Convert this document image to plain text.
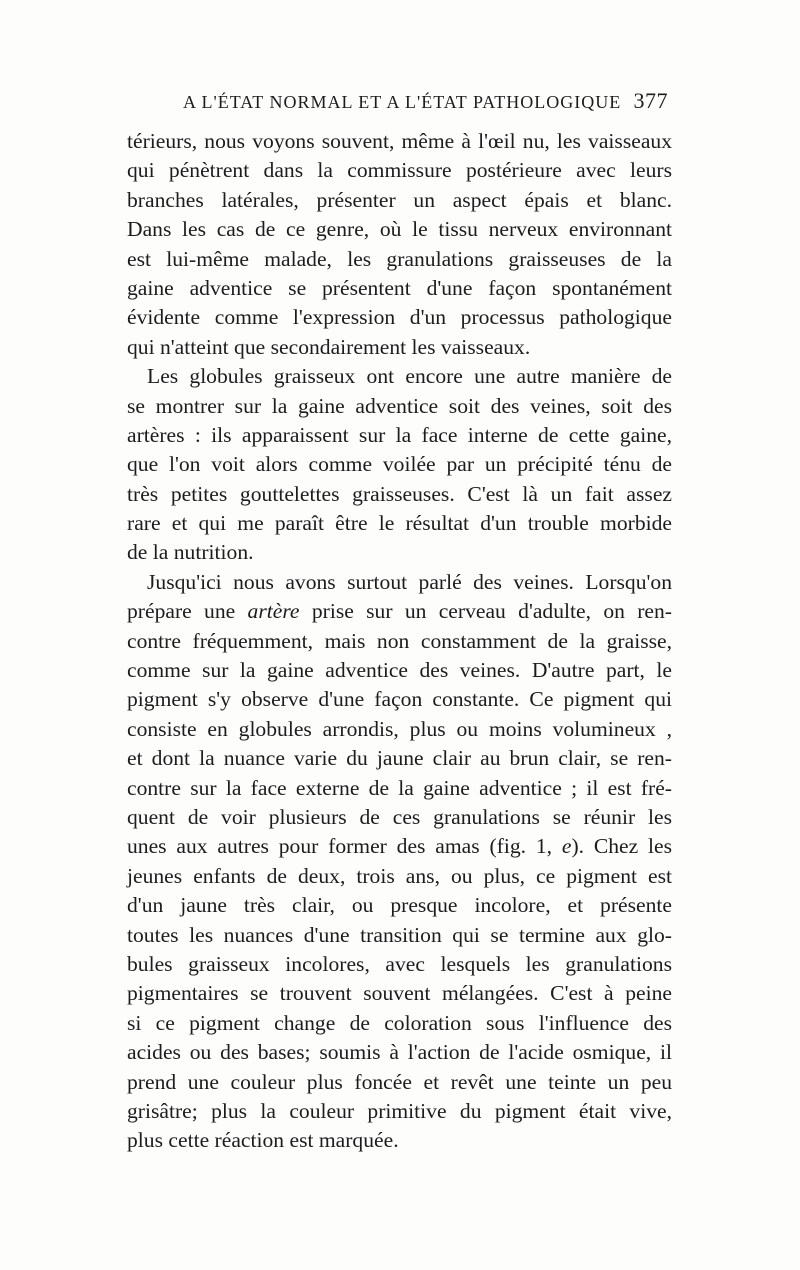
A L'ÉTAT NORMAL ET A L'ÉTAT PATHOLOGIQUE 377
térieurs, nous voyons souvent, même à l'œil nu, les vaisseaux
qui pénètrent dans la commissure postérieure avec leurs
branches latérales, présenter un aspect épais et blanc.
Dans les cas de ce genre, où le tissu nerveux environnant
est lui-même malade, les granulations graisseuses de la
gaine adventice se présentent d'une façon spontanément
évidente comme l'expression d'un processus pathologique
qui n'atteint que secondairement les vaisseaux.
Les globules graisseux ont encore une autre manière de
se montrer sur la gaine adventice soit des veines, soit des
artères : ils apparaissent sur la face interne de cette gaine,
que l'on voit alors comme voilée par un précipité ténu de
très petites gouttelettes graisseuses. C'est là un fait assez
rare et qui me paraît être le résultat d'un trouble morbide
de la nutrition.
Jusqu'ici nous avons surtout parlé des veines. Lorsqu'on
prépare une artère prise sur un cerveau d'adulte, on ren-
contre fréquemment, mais non constamment de la graisse,
comme sur la gaine adventice des veines. D'autre part, le
pigment s'y observe d'une façon constante. Ce pigment qui
consiste en globules arrondis, plus ou moins volumineux ,
et dont la nuance varie du jaune clair au brun clair, se ren-
contre sur la face externe de la gaine adventice ; il est fré-
quent de voir plusieurs de ces granulations se réunir les
unes aux autres pour former des amas (fig. 1, e). Chez les
jeunes enfants de deux, trois ans, ou plus, ce pigment est
d'un jaune très clair, ou presque incolore, et présente
toutes les nuances d'une transition qui se termine aux glo-
bules graisseux incolores, avec lesquels les granulations
pigmentaires se trouvent souvent mélangées. C'est à peine
si ce pigment change de coloration sous l'influence des
acides ou des bases; soumis à l'action de l'acide osmique, il
prend une couleur plus foncée et revêt une teinte un peu
grisâtre; plus la couleur primitive du pigment était vive,
plus cette réaction est marquée.
